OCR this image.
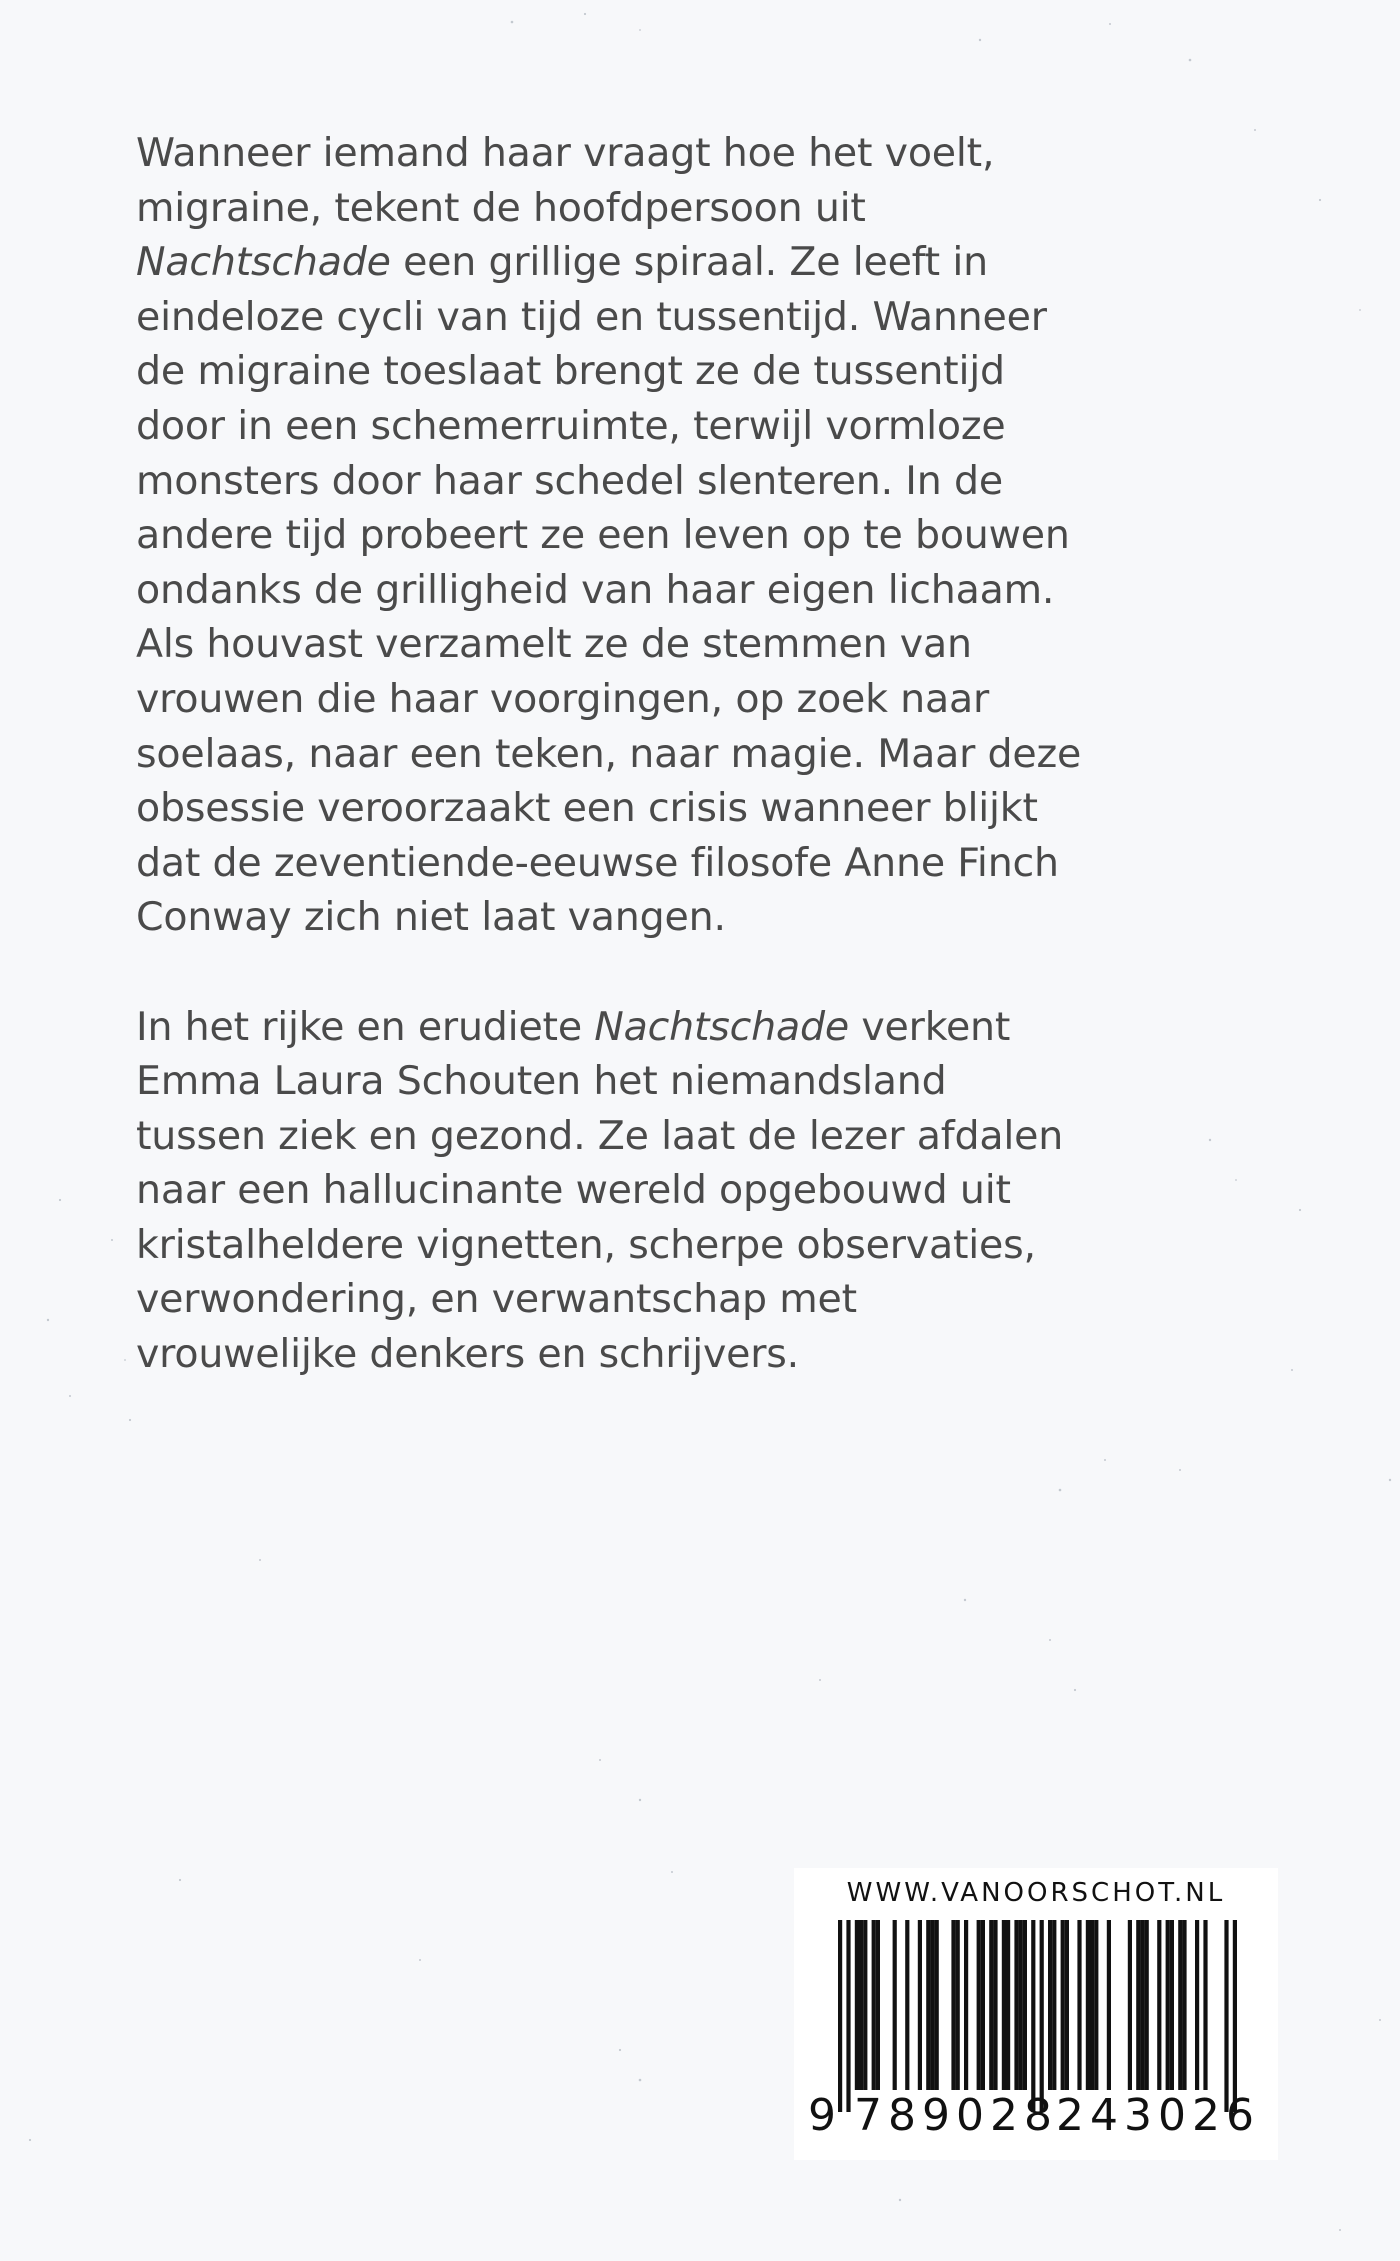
Wanneer iemand haar vraagt hoe het voelt,
migraine, tekent de hoofdpersoon uit
Nachtschade een grillige spiraal. Ze leeft in
eindeloze cycli van tijd en tussentijd. Wanneer
de migraine toeslaat brengt ze de tussentijd
door in een schemerruimte, terwijl vormloze
monsters door haar schedel slenteren. In de
andere tijd probeert ze een leven op te bouwen
ondanks de grilligheid van haar eigen lichaam.
Als houvast verzamelt ze de stemmen van
vrouwen die haar voorgingen, op zoek naar
soelaas, naar een teken, naar magie. Maar deze
obsessie veroorzaakt een crisis wanneer blijkt
dat de zeventiende-eeuwse filosofe Anne Finch
Conway zich niet laat vangen.

In het rijke en erudiete Nachtschade verkent
Emma Laura Schouten het niemandsland
tussen ziek en gezond. Ze laat de lezer afdalen
naar een hallucinante wereld opgebouwd uit
kristalheldere vignetten, scherpe observaties,
verwondering, en verwantschap met
vrouwelijke denkers en schrijvers.

WWW.VANOORSCHOT.NL
9 789028
243026
